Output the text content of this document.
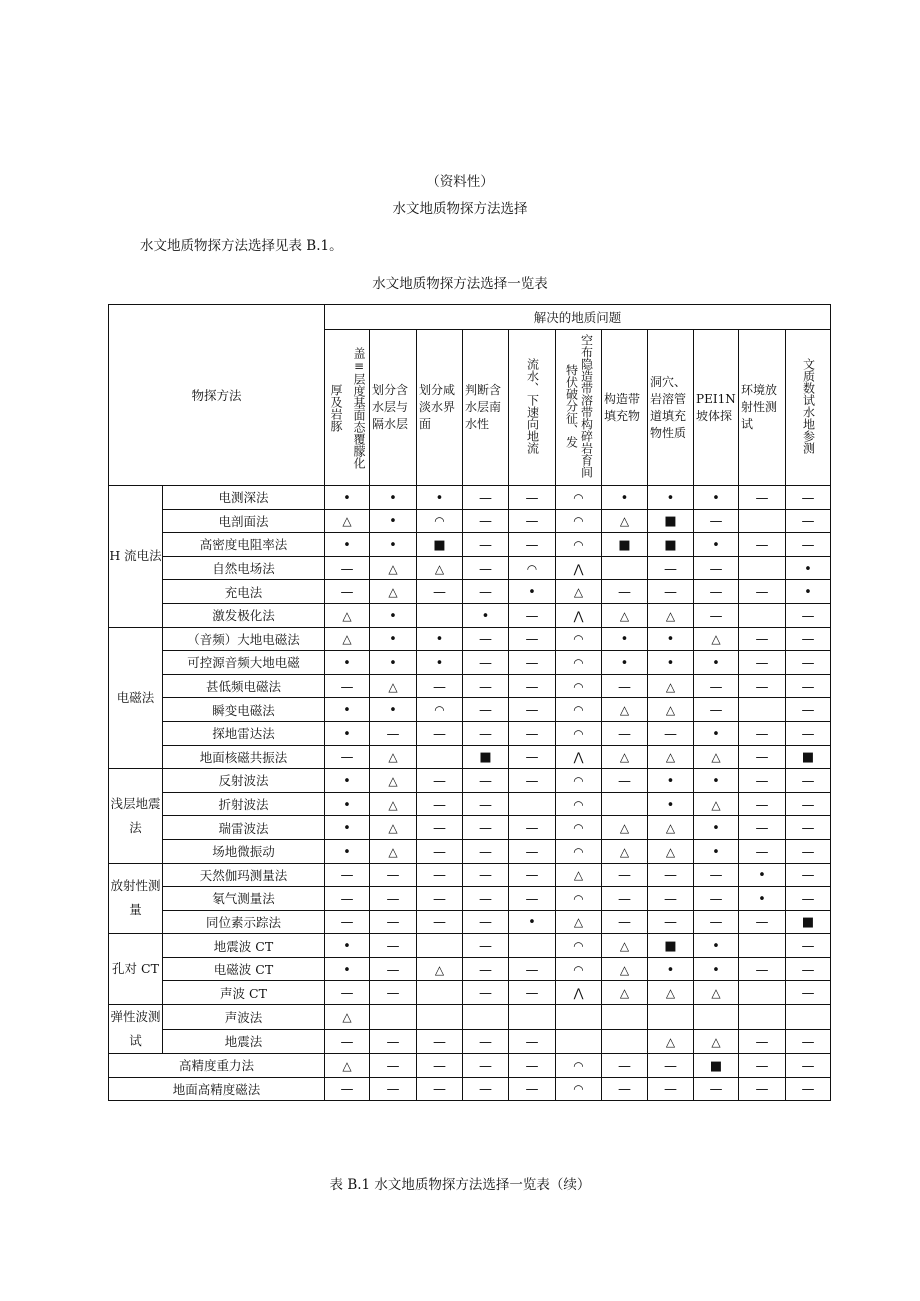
（资料性）
水文地质物探方法选择
水文地质物探方法选择见表 B.1。
水文地质物探方法选择一览表
物探方法		解决的地质问题										

		厚及岩豚 盖≡层度基面态覆朦化	划分含水层与隔水层	划分咸淡水界面	判断含水层南水性	流水、下速向地流	空布隐造带溶带构碎岩育间特伏破分征、发	构造带填充物	洞穴、岩溶管道填充物性质	PEI1N 坡体探	环境放射性测试	文质数试水地参测
H 流电法	电测深法	•	•	•	—	—	◠	•	•	•	—	—
	电剖面法	△	•	◠	—	—	◠	△	■	—		—
	高密度电阻率法	•	•	■	—	—	◠	■	■	•	—	—
	自然电场法	—	△	△	—	◠	⋀		—	—		•
	充电法	—	△	—	—	•	△	—	—	—	—	•
	激发极化法	△	•		•	—	⋀	△	△	—		—
电磁法	（音频）大地电磁法	△	•	•	—	—	◠	•	•	△	—	—
	可控源音频大地电磁	•	•	•	—	—	◠	•	•	•	—	—
	甚低频电磁法	—	△	—	—	—	◠	—	△	—	—	—
	瞬变电磁法	•	•	◠	—	—	◠	△	△	—		—
	探地雷达法	•	—	—	—	—	◠	—	—	•	—	—
	地面核磁共振法	—	△		■	—	⋀	△	△	△	—	■
浅层地震法	反射波法	•	△	—	—	—	◠	—	•	•	—	—
	折射波法	•	△	—	—		◠		•	△	—	—
	瑞雷波法	•	△	—	—	—	◠	△	△	•	—	—
	场地微振动	•	△	—	—	—	◠	△	△	•	—	—
放射性测量	天然伽玛测量法	—	—	—	—	—	△	—	—	—	•	—
	氡气测量法	—	—	—	—	—	◠	—	—	—	•	—
	同位素示踪法	—	—	—	—	•	△	—	—	—	—	■
孔对 CT	地震波 CT	•	—		—		◠	△	■	•		—
	电磁波 CT	•	—	△	—	—	◠	△	•	•	—	—
	声波 CT	—	—		—	—	⋀	△	△	△		—
弹性波测试	声波法	△										
	地震法	—	—	—	—	—			△	△	—	—
高精度重力法		△	—	—	—	—	◠	—	—	■	—	—
地面高精度磁法		—	—	—	—	—	◠	—	—	—	—	—
表 B.1 水文地质物探方法选择一览表（续）
